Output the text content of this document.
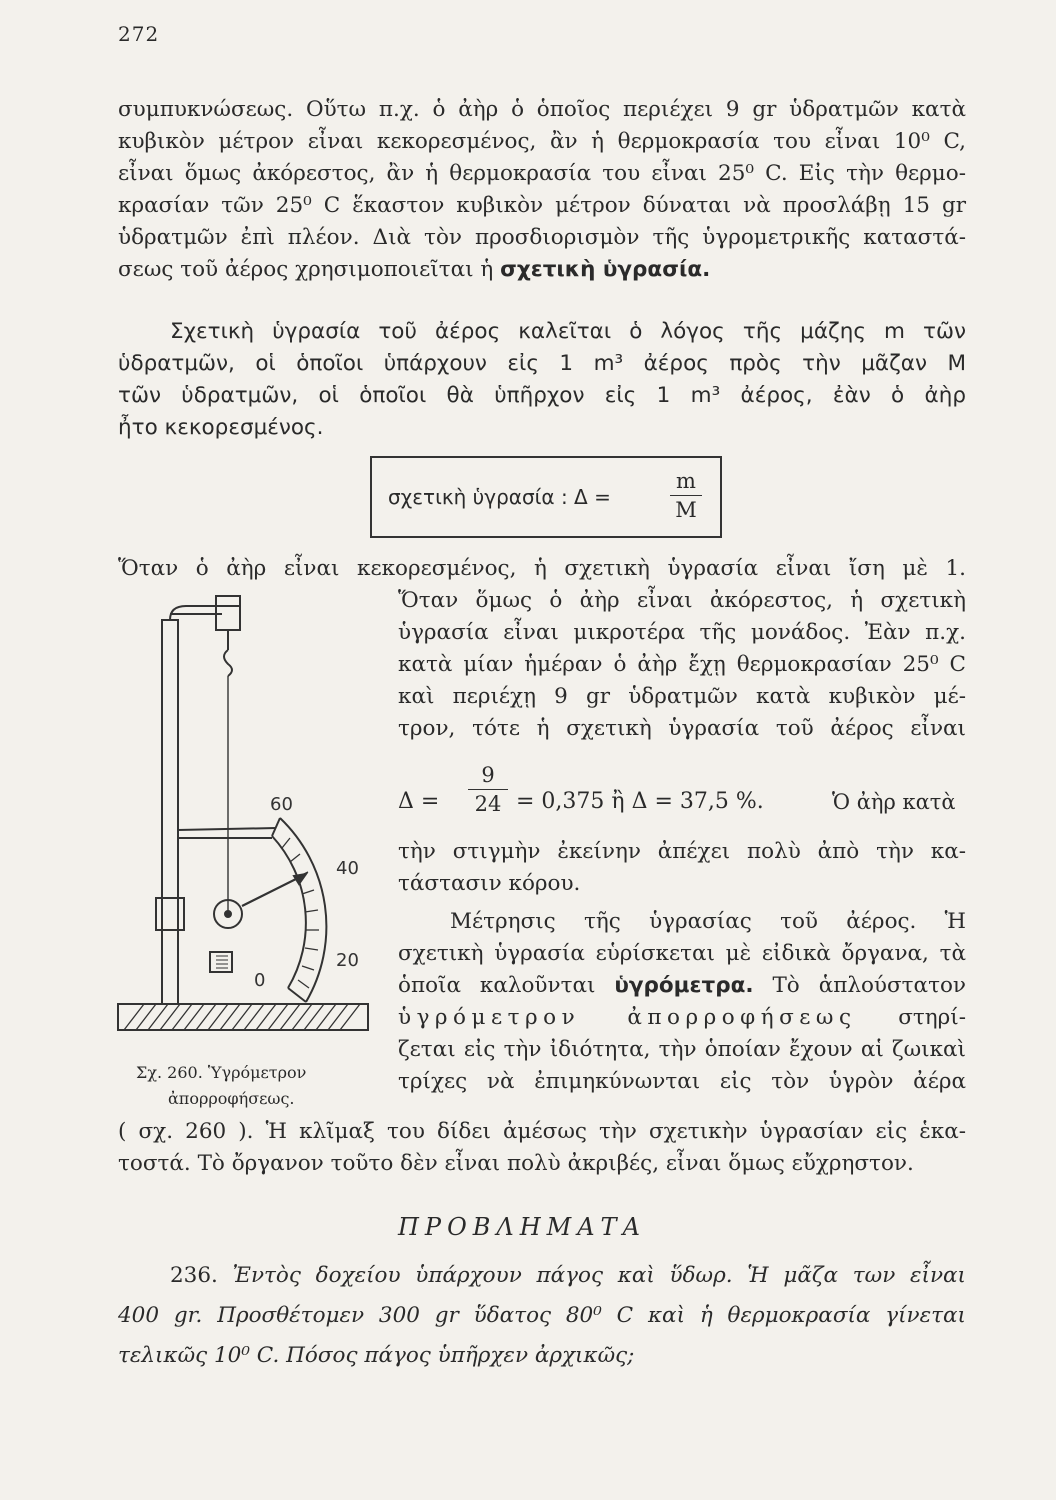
272
συμπυκνώσεως. Οὕτω π.χ. ὁ ἀὴρ ὁ ὁποῖος περιέχει 9 gr ὑδρατμῶν κατὰ
κυβικὸν μέτρον εἶναι κεκορεσμένος, ἂν ἡ θερμοκρασία του εἶναι 10⁰ C,
εἶναι ὅμως ἀκόρεστος, ἂν ἡ θερμοκρασία του εἶναι 25⁰ C. Εἰς τὴν θερμο-
κρασίαν τῶν 25⁰ C ἕκαστον κυβικὸν μέτρον δύναται νὰ προσλάβῃ 15 gr
ὑδρατμῶν ἐπὶ πλέον. Διὰ τὸν προσδιορισμὸν τῆς ὑγρομετρικῆς καταστά-
σεως τοῦ ἀέρος χρησιμοποιεῖται ἡ σχετικὴ ὑγρασία.
Σχετικὴ ὑγρασία τοῦ ἀέρος καλεῖται ὁ λόγος τῆς μάζης m τῶν
ὑδρατμῶν, οἱ ὁποῖοι ὑπάρχουν εἰς 1 m³ ἀέρος πρὸς τὴν μᾶζαν Μ
τῶν ὑδρατμῶν, οἱ ὁποῖοι θὰ ὑπῆρχον εἰς 1 m³ ἀέρος, ἐὰν ὁ ἀὴρ
ἦτο κεκορεσμένος.
σχετικὴ ὑγρασία : Δ =
m
M
Ὅταν ὁ ἀὴρ εἶναι κεκορεσμένος, ἡ σχετικὴ ὑγρασία εἶναι ἴση μὲ 1.
Ὅταν ὅμως ὁ ἀὴρ εἶναι ἀκόρεστος, ἡ σχετικὴ
ὑγρασία εἶναι μικροτέρα τῆς μονάδος. Ἐὰν π.χ.
κατὰ μίαν ἡμέραν ὁ ἀὴρ ἔχῃ θερμοκρασίαν 25⁰ C
καὶ περιέχῃ 9 gr ὑδρατμῶν κατὰ κυβικὸν μέ-
τρον, τότε ἡ σχετικὴ ὑγρασία τοῦ ἀέρος εἶναι
Δ =
9
24 = 0,375 ἢ Δ = 37,5 %.	Ὁ ἀὴρ κατὰ
τὴν στιγμὴν ἐκείνην ἀπέχει πολὺ ἀπὸ τὴν κα-
τάστασιν κόρου.
Μέτρησις τῆς ὑγρασίας τοῦ ἀέρος. Ἡ
σχετικὴ ὑγρασία εὑρίσκεται μὲ εἰδικὰ ὄργανα, τὰ
ὁποῖα καλοῦνται ὑγρόμετρα. Τὸ ἁπλούστατον
ὑγρόμετρον ἀπορροφήσεως στηρί-
ζεται εἰς τὴν ἰδιότητα, τὴν ὁποίαν ἔχουν αἱ ζωικαὶ
τρίχες νὰ ἐπιμηκύνωνται εἰς τὸν ὑγρὸν ἀέρα
( σχ. 260 ). Ἡ κλῖμαξ του δίδει ἀμέσως τὴν σχετικὴν ὑγρασίαν εἰς ἑκα-
τοστά. Τὸ ὄργανον τοῦτο δὲν εἶναι πολὺ ἀκριβές, εἶναι ὅμως εὔχρηστον.
60
40
20
0
Σχ. 260. Ὑγρόμετρον
ἀπορροφήσεως.
ΠΡΟΒΛΗΜΑΤΑ
236. Ἐντὸς δοχείου ὑπάρχουν πάγος καὶ ὕδωρ. Ἡ μᾶζα των εἶναι
400 gr. Προσθέτομεν 300 gr ὕδατος 80⁰ C καὶ ἡ θερμοκρασία γίνεται
τελικῶς 10⁰ C. Πόσος πάγος ὑπῆρχεν ἀρχικῶς;
